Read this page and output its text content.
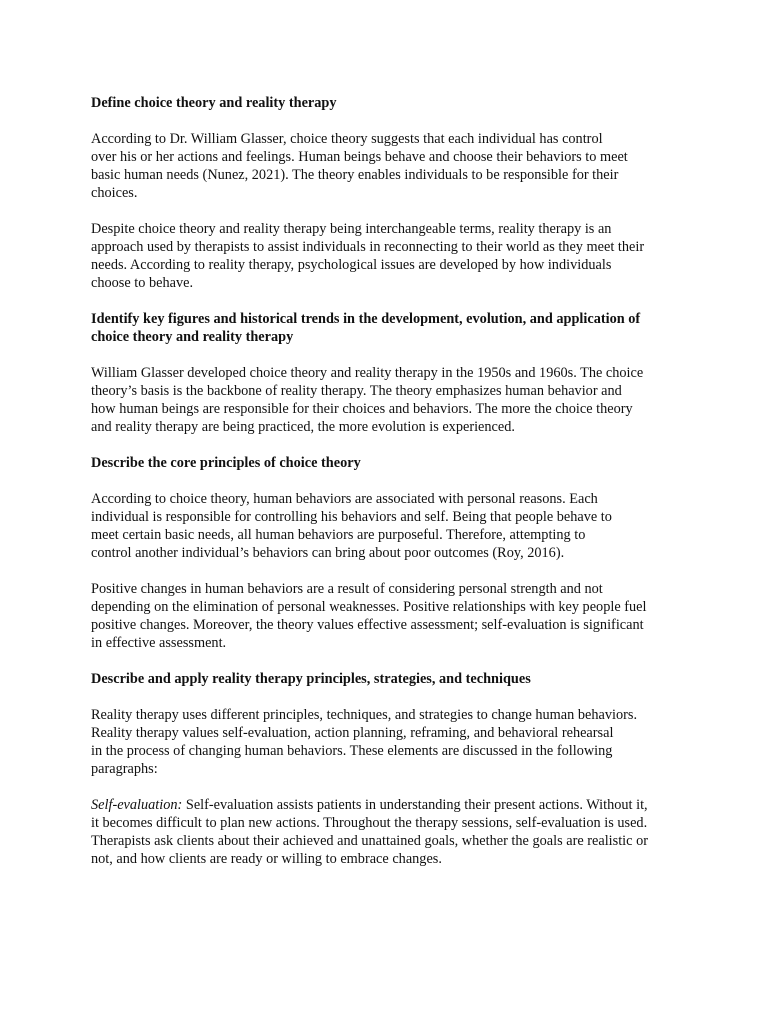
Define choice theory and reality therapy

According to Dr. William Glasser, choice theory suggests that each individual has control
over his or her actions and feelings. Human beings behave and choose their behaviors to meet
basic human needs (Nunez, 2021). The theory enables individuals to be responsible for their
choices.

Despite choice theory and reality therapy being interchangeable terms, reality therapy is an
approach used by therapists to assist individuals in reconnecting to their world as they meet their
needs. According to reality therapy, psychological issues are developed by how individuals
choose to behave.

Identify key figures and historical trends in the development, evolution, and application of
choice theory and reality therapy

William Glasser developed choice theory and reality therapy in the 1950s and 1960s. The choice
theory’s basis is the backbone of reality therapy. The theory emphasizes human behavior and
how human beings are responsible for their choices and behaviors. The more the choice theory
and reality therapy are being practiced, the more evolution is experienced.

Describe the core principles of choice theory

According to choice theory, human behaviors are associated with personal reasons. Each
individual is responsible for controlling his behaviors and self. Being that people behave to
meet certain basic needs, all human behaviors are purposeful. Therefore, attempting to
control another individual’s behaviors can bring about poor outcomes (Roy, 2016).

Positive changes in human behaviors are a result of considering personal strength and not
depending on the elimination of personal weaknesses. Positive relationships with key people fuel
positive changes. Moreover, the theory values effective assessment; self-evaluation is significant
in effective assessment.

Describe and apply reality therapy principles, strategies, and techniques

Reality therapy uses different principles, techniques, and strategies to change human behaviors.
Reality therapy values self-evaluation, action planning, reframing, and behavioral rehearsal
in the process of changing human behaviors. These elements are discussed in the following
paragraphs:

Self-evaluation: Self-evaluation assists patients in understanding their present actions. Without it,
it becomes difficult to plan new actions. Throughout the therapy sessions, self-evaluation is used.
Therapists ask clients about their achieved and unattained goals, whether the goals are realistic or
not, and how clients are ready or willing to embrace changes.
